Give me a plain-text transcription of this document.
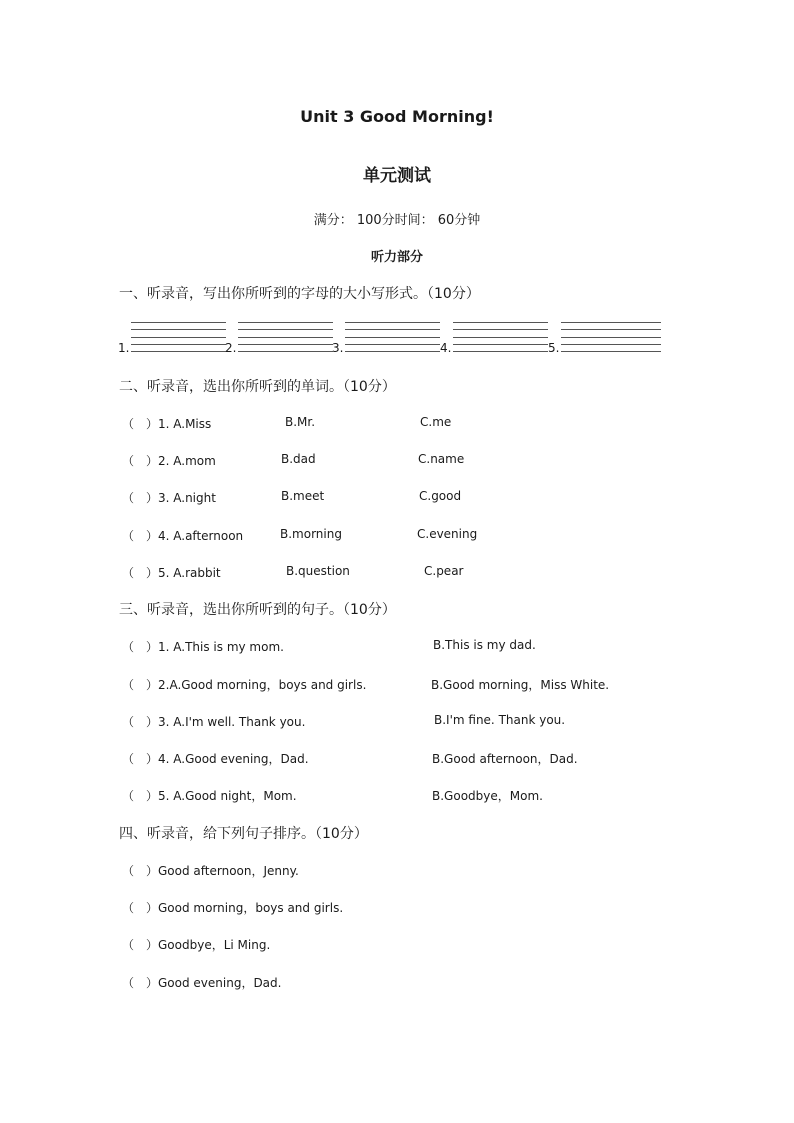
Unit 3 Good Morning!
单元测试
满分： 100分时间： 60分钟
听力部分
一、听录音，写出你所听到的字母的大小写形式。（10分）
1.	2.	3.	4.	5.
二、听录音，选出你所听到的单词。（10分）
（　）1. A.Miss	B.Mr.	C.me
（　）2. A.mom	B.dad	C.name
（　）3. A.night	B.meet	C.good
（　）4. A.afternoon	B.morning	C.evening
（　）5. A.rabbit	B.question	C.pear
三、听录音，选出你所听到的句子。（10分）
（　）1. A.This is my mom.	B.This is my dad.
（　）2.A.Good morning，boys and girls.	B.Good morning，Miss White.
（　）3. A.I'm well. Thank you.	B.I'm fine. Thank you.
（　）4. A.Good evening，Dad.	B.Good afternoon，Dad.
（　）5. A.Good night，Mom.	B.Goodbye，Mom.
四、听录音，给下列句子排序。（10分）
（　）Good afternoon，Jenny.
（　）Good morning，boys and girls.
（　）Goodbye，Li Ming.
（　）Good evening，Dad.
